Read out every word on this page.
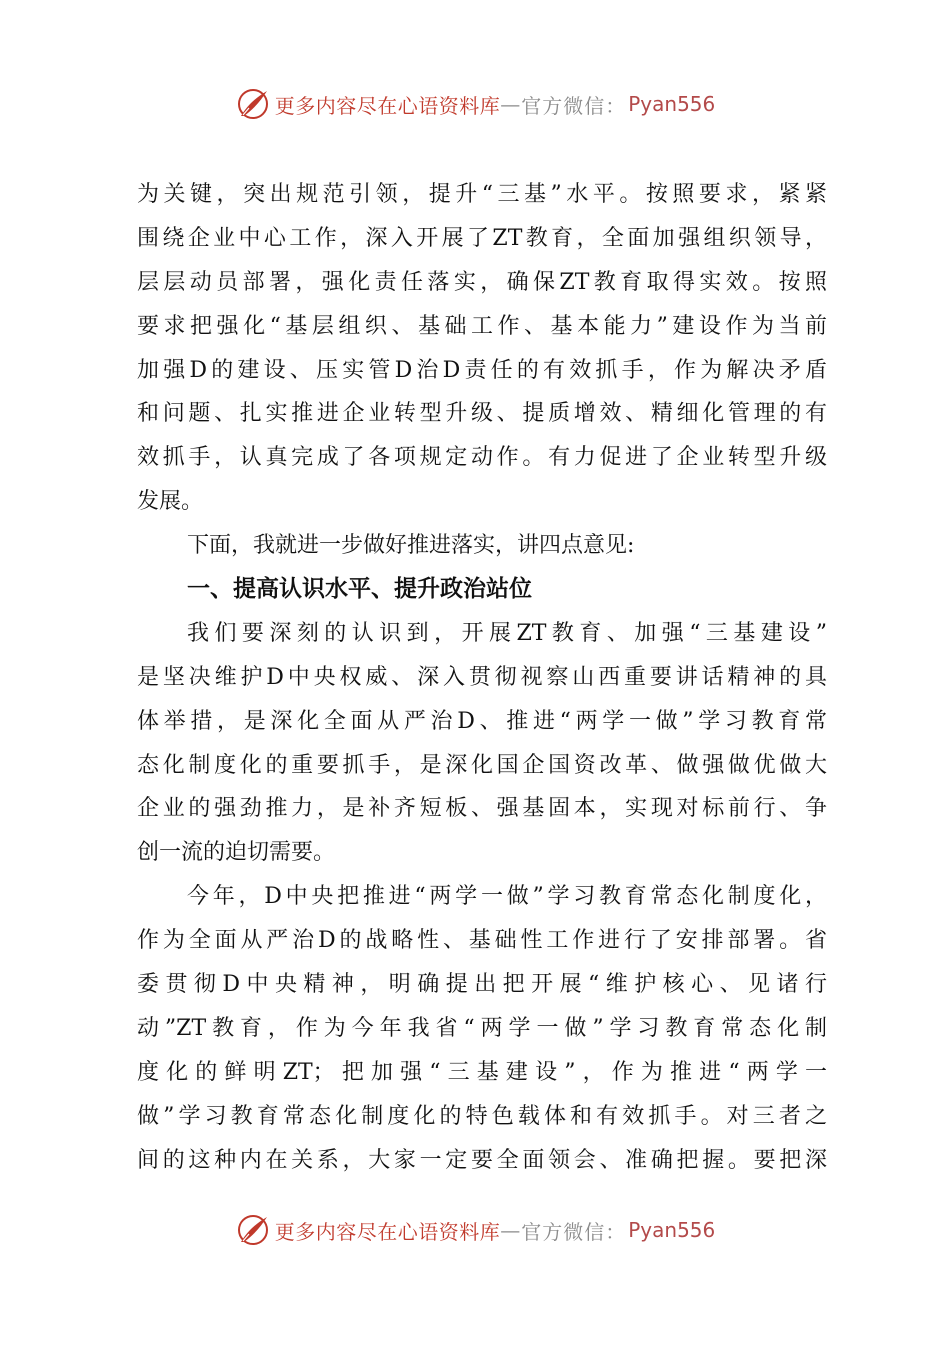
更多内容尽在心语资料库 — 官方微信： Pyan556
为关键，突出规范引领，提升“三基”水平。按照要求，紧紧
围绕企业中心工作，深入开展了ZT教育，全面加强组织领导，
层层动员部署，强化责任落实，确保ZT教育取得实效。按照
要求把强化“基层组织、基础工作、基本能力”建设作为当前
加强D的建设、压实管D治D责任的有效抓手，作为解决矛盾
和问题、扎实推进企业转型升级、提质增效、精细化管理的有
效抓手，认真完成了各项规定动作。有力促进了企业转型升级
发展。
下面，我就进一步做好推进落实，讲四点意见:
一、提高认识水平、提升政治站位
我们要深刻的认识到，开展ZT教育、加强“三基建设”
是坚决维护D中央权威、深入贯彻视察山西重要讲话精神的具
体举措，是深化全面从严治D、推进“两学一做”学习教育常
态化制度化的重要抓手，是深化国企国资改革、做强做优做大
企业的强劲推力，是补齐短板、强基固本，实现对标前行、争
创一流的迫切需要。
今年，D中央把推进“两学一做”学习教育常态化制度化，
作为全面从严治D的战略性、基础性工作进行了安排部署。省
委贯彻D中央精神，明确提出把开展“维护核心、见诸行
动”ZT教育，作为今年我省“两学一做”学习教育常态化制
度化的鲜明ZT；把加强“三基建设”，作为推进“两学一
做”学习教育常态化制度化的特色载体和有效抓手。对三者之
间的这种内在关系，大家一定要全面领会、准确把握。要把深
更多内容尽在心语资料库 — 官方微信： Pyan556
